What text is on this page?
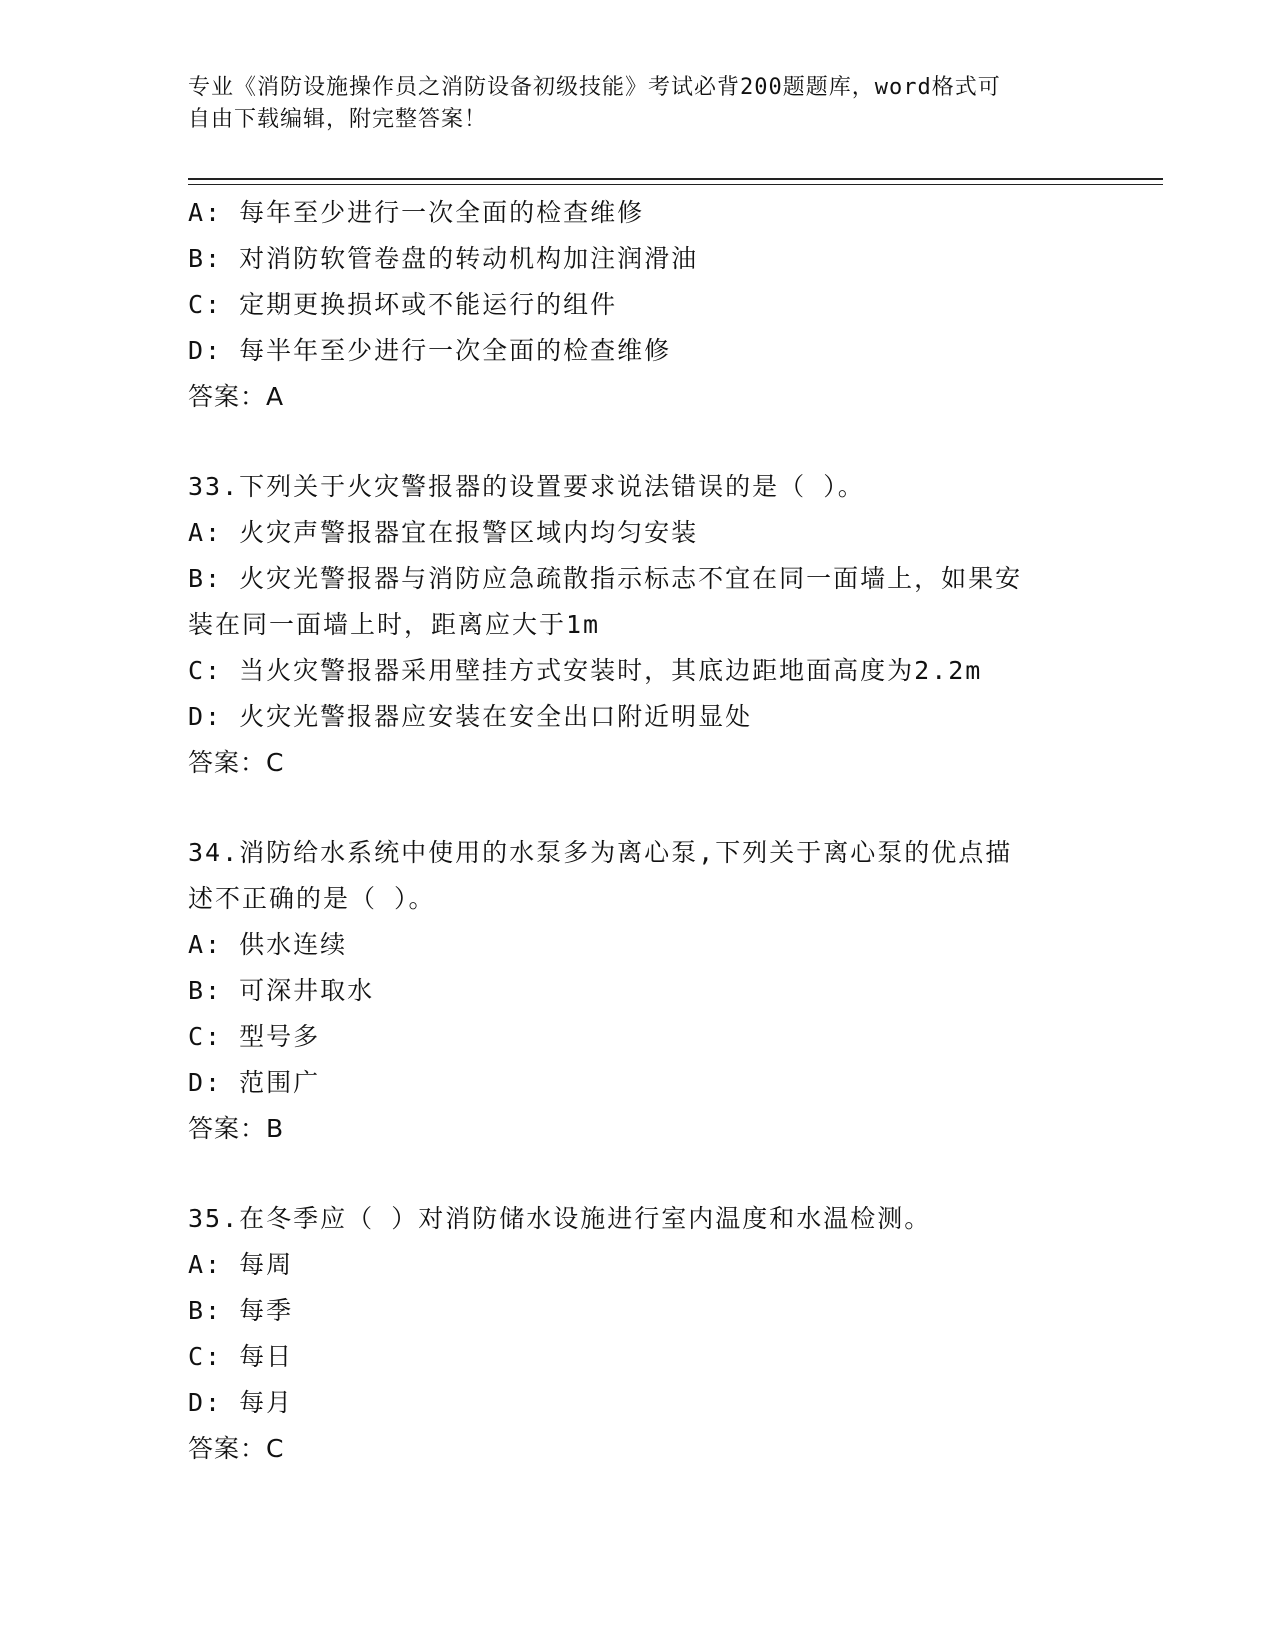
专业《消防设施操作员之消防设备初级技能》考试必背200题题库，word格式可
自由下载编辑，附完整答案！
A: 每年至少进行一次全面的检查维修
B: 对消防软管卷盘的转动机构加注润滑油
C: 定期更换损坏或不能运行的组件
D: 每半年至少进行一次全面的检查维修
答案：A
33.下列关于火灾警报器的设置要求说法错误的是（ ）。
A: 火灾声警报器宜在报警区域内均匀安装
B: 火灾光警报器与消防应急疏散指示标志不宜在同一面墙上，如果安
装在同一面墙上时，距离应大于1m
C: 当火灾警报器采用壁挂方式安装时，其底边距地面高度为2.2m
D: 火灾光警报器应安装在安全出口附近明显处
答案：C
34.消防给水系统中使用的水泵多为离心泵,下列关于离心泵的优点描
述不正确的是（ ）。
A: 供水连续
B: 可深井取水
C: 型号多
D: 范围广
答案：B
35.在冬季应（ ）对消防储水设施进行室内温度和水温检测。
A: 每周
B: 每季
C: 每日
D: 每月
答案：C
